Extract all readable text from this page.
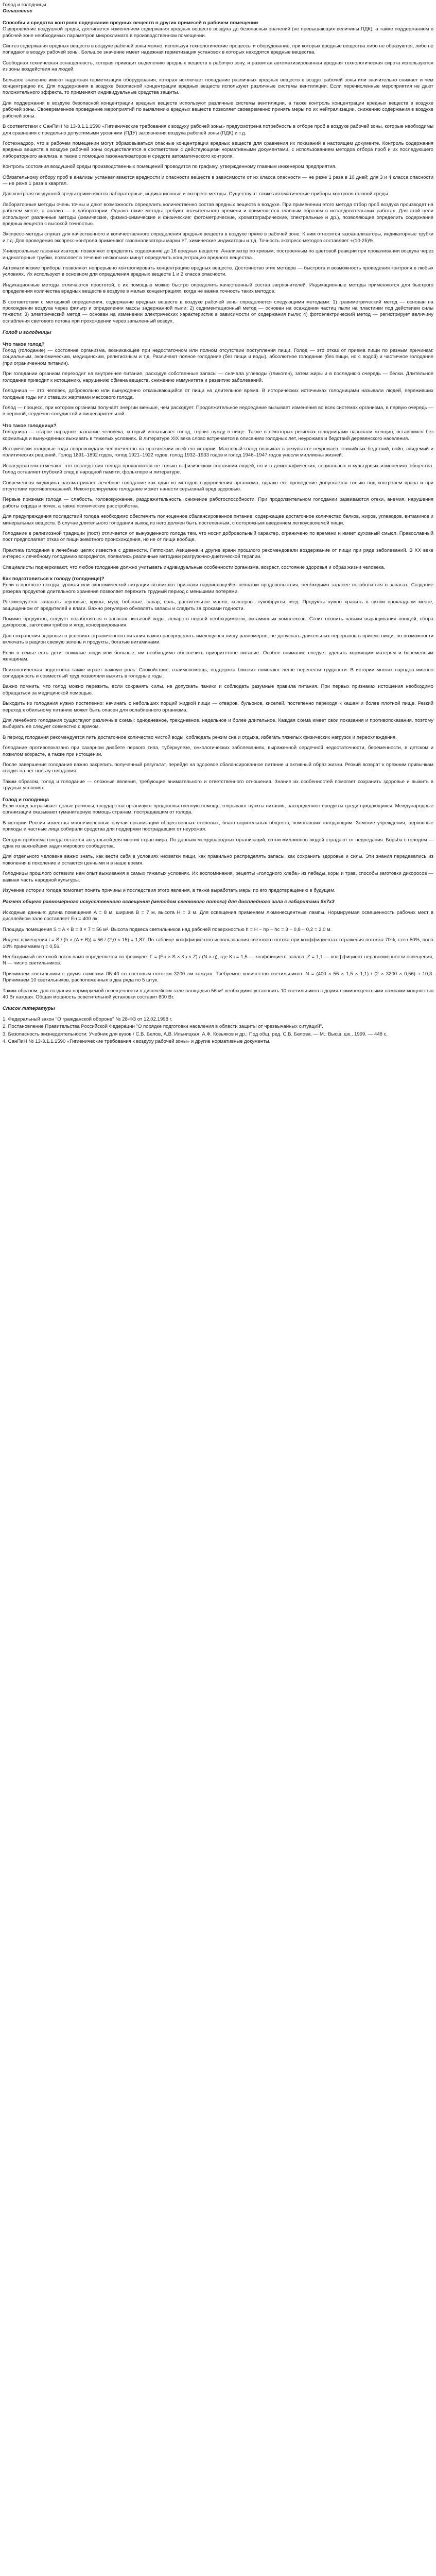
Голод и голодницы
Оглавление
Способы и средства контроля содержания вредных веществ в других примесей в рабочем помещении
Оздоровление воздушной среды, достигается изменением содержания вредных веществ воздуха до безопасных значений (не превышающих величины ПДК), а также поддержанием в рабочей зоне необходимых параметров микроклимата в производственном помещении.
Синтез содержания вредных веществ в воздухе рабочей зоны можно, используя технологические процессы и оборудование, при которых вредные вещества либо не образуются, либо не попадают в воздух рабочей зоны. Большое значение имеет надежная герметизация установок в которых находятся вредные вещества.
Свободная техническая оснащенность, которая приводит выделению вредных веществ в рабочую зону, и развитая автоматизированная вредная технологическая сирота используются из зоны воздействия на людей.
Большое значение имеют надежная герметизация оборудования, которая исключает попадание различных вредных веществ в воздух рабочей зоны или значительно снижает и чем концентрацию их. Для поддержания в воздухе безопасной концентрации вредных веществ используют различные системы вентиляции. Если перечисленные мероприятия не дают положительного эффекта, то применяют индивидуальные средства защиты.
Для поддержания в воздухе безопасной концентрации вредных веществ используют различные системы вентиляции, а также контроль концентрации вредных веществ в воздухе рабочей зоны. Своевременное проведение мероприятий по выявлению вредных веществ позволяет своевременно принять меры по их нейтрализации, снижению содержания в воздухе рабочей зоны.
В соответствии с СанПиН № 13-3.1.1.1590 «Гигиенические требования к воздуху рабочей зоны» предусмотрена потребность в отборе проб в воздухе рабочей зоны, которые необходимы для сравнения с предельно допустимыми уровнями (ПДУ) загрязнения воздуха рабочей зоны (ПДК) и т.д.
Гостехнадзор, что в рабочем помещении могут образовываться опасные концентрации вредных веществ для сравнения их показаний в настоящем документе. Контроль содержания вредных веществ в воздухе рабочей зоны осуществляется в соответствии с действующими нормативными документами, с использованием методов отбора проб и их последующего лабораторного анализа, а также с помощью газоанализаторов и средств автоматического контроля.
Контроль состояния воздушной среды производственных помещений проводится по графику, утвержденному главным инженером предприятия.
Обязательному отбору проб в анализы устанавливаются вредности и опасности веществ в зависимости от их класса опасности — не реже 1 раза в 10 дней; для 3 и 4 класса опасности — не реже 1 раза в квартал.
Для контроля воздушной среды применяются лабораторные, индикационные и экспресс-методы. Существуют также автоматические приборы контроля газовой среды.
Лабораторные методы очень точны и дают возможность определить количественно состав вредных веществ в воздухе. При применении этого метода отбор проб воздуха производят на рабочем месте, а анализ — в лаборатории. Однако такие методы требуют значительного времени и применяются главным образом в исследовательских работах. Для этой цели используют различные методы (химические, физико-химические и физические: фотометрические, хроматографические, спектральные и др.), позволяющие определить содержание вредных веществ с высокой точностью.
Экспресс-методы служат для качественного и количественного определения вредных веществ в воздухе прямо в рабочей зоне. К ним относятся газоанализаторы, индикаторные трубки и т.д. Для проведения экспресс-контроля применяют газоанализаторы марки УГ, химические индикаторы и т.д. Точность экспресс-методов составляет ±(10-25)%.
Универсальные газоанализаторы позволяют определять содержание до 16 вредных веществ. Анализатор по кривым, построенным по цветовой реакции при прокачивании воздуха через индикаторные трубки, позволяет в течение нескольких минут определить концентрацию вредного вещества.
Автоматические приборы позволяют непрерывно контролировать концентрацию вредных веществ. Достоинство этих методов — быстрота и возможность проведения контроля в любых условиях. Их используют в основном для определения вредных веществ 1 и 2 класса опасности.
Индикационные методы отличаются простотой, с их помощью можно быстро определить качественный состав загрязнителей. Индикационные методы применяются для быстрого определения количества вредных веществ в воздухе в малых концентрациях, когда не важна точность таких методов.
В соответствии с методикой определения, содержание вредных веществ в воздухе рабочей зоны определяется следующими методами: 1) гравиметрический метод — основан на прохождении воздуха через фильтр и определении массы задержанной пыли; 2) седиментационный метод — основан на осаждении частиц пыли на пластинки под действием силы тяжести; 3) электрический метод — основан на изменении электрических характеристик в зависимости от содержания пыли; 4) фотоэлектрический метод — регистрирует величину ослабления светового потока при прохождении через запыленный воздух.
Голод и голодницы
Что такое голод?
Голод (голодание) — состояние организма, возникающее при недостаточном или полном отсутствии поступления пищи. Голод — это отказ от приема пищи по разным причинам: социальным, экономическим, медицинским, религиозным и т.д. Различают полное голодание (без пищи и воды), абсолютное голодание (без пищи, но с водой) и частичное голодание (при ограниченном питании).
При голодании организм переходит на внутреннее питание, расходуя собственные запасы — сначала углеводы (гликоген), затем жиры и в последнюю очередь — белки. Длительное голодание приводит к истощению, нарушению обмена веществ, снижению иммунитета и развитию заболеваний.
Голодница — это человек, добровольно или вынужденно отказывающийся от пищи на длительное время. В исторических источниках голодницами называли людей, переживших голодные годы или ставших жертвами массового голода.
Голод — процесс, при котором организм получает энергии меньше, чем расходует. Продолжительное недоедание вызывает изменения во всех системах организма, в первую очередь — в нервной, сердечно-сосудистой и пищеварительной.
Что такое голодница?
Голодница — старое народное название человека, который испытывает голод, терпит нужду в пище. Также в некоторых регионах голодницами называли женщин, оставшихся без кормильца и вынужденных выживать в тяжелых условиях. В литературе XIX века слово встречается в описаниях голодных лет, неурожаев и бедствий деревенского населения.
Исторически голодные годы сопровождали человечество на протяжении всей его истории. Массовый голод возникал в результате неурожаев, стихийных бедствий, войн, эпидемий и политических решений. Голод 1891–1892 годов, голод 1921–1922 годов, голод 1932–1933 годов и голод 1946–1947 годов унесли миллионы жизней.
Исследователи отмечают, что последствия голода проявляются не только в физическом состоянии людей, но и в демографических, социальных и культурных изменениях общества. Голод оставляет глубокий след в народной памяти, фольклоре и литературе.
Современная медицина рассматривает лечебное голодание как один из методов оздоровления организма, однако его проведение допускается только под контролем врача и при отсутствии противопоказаний. Неконтролируемое голодание может нанести серьезный вред здоровью.
Первые признаки голода — слабость, головокружение, раздражительность, снижение работоспособности. При продолжительном голодании развиваются отеки, анемия, нарушения работы сердца и почек, а также психические расстройства.
Для предупреждения последствий голода необходимо обеспечить полноценное сбалансированное питание, содержащее достаточное количество белков, жиров, углеводов, витаминов и минеральных веществ. В случае длительного голодания выход из него должен быть постепенным, с осторожным введением легкоусвояемой пищи.
Голодание в религиозной традиции (пост) отличается от вынужденного голода тем, что носит добровольный характер, ограничено по времени и имеет духовный смысл. Православный пост предполагает отказ от пищи животного происхождения, но не от пищи вообще.
Практика голодания в лечебных целях известна с древности. Гиппократ, Авиценна и другие врачи прошлого рекомендовали воздержание от пищи при ряде заболеваний. В XX веке интерес к лечебному голоданию возродился, появились различные методики разгрузочно-диетической терапии.
Специалисты подчеркивают, что любое голодание должно учитывать индивидуальные особенности организма, возраст, состояние здоровья и образ жизни человека.
Как подготовиться к голоду (голоднице)?
Если в прогнозе погоды, урожая или экономической ситуации возникают признаки надвигающейся нехватки продовольствия, необходимо заранее позаботиться о запасах. Создание резерва продуктов длительного хранения позволяет пережить трудный период с меньшими потерями.
Рекомендуется запасать зерновые, крупы, муку, бобовые, сахар, соль, растительное масло, консервы, сухофрукты, мед. Продукты нужно хранить в сухом прохладном месте, защищенном от вредителей и влаги. Важно регулярно обновлять запасы и следить за сроками годности.
Помимо продуктов, следует позаботиться о запасах питьевой воды, лекарств первой необходимости, витаминных комплексов. Стоит освоить навыки выращивания овощей, сбора дикоросов, заготовки грибов и ягод, консервирования.
Для сохранения здоровья в условиях ограниченного питания важно распределять имеющуюся пищу равномерно, не допускать длительных перерывов в приеме пищи, по возможности включать в рацион свежую зелень и продукты, богатые витаминами.
Если в семье есть дети, пожилые люди или больные, им необходимо обеспечить приоритетное питание. Особое внимание следует уделять кормящим матерям и беременным женщинам.
Психологическая подготовка также играет важную роль. Спокойствие, взаимопомощь, поддержка близких помогают легче перенести трудности. В истории многих народов именно солидарность и совместный труд позволяли выжить в голодные годы.
Важно помнить, что голод можно пережить, если сохранять силы, не допускать паники и соблюдать разумные правила питания. При первых признаках истощения необходимо обращаться за медицинской помощью.
Выходить из голодания нужно постепенно: начинать с небольших порций жидкой пищи — отваров, бульонов, киселей, постепенно переходя к кашам и более плотной пище. Резкий переход к обильному питанию может быть опасен для ослабленного организма.
Для лечебного голодания существуют различные схемы: однодневное, трехдневное, недельное и более длительное. Каждая схема имеет свои показания и противопоказания, поэтому выбирать ее следует совместно с врачом.
В период голодания рекомендуется пить достаточное количество чистой воды, соблюдать режим сна и отдыха, избегать тяжелых физических нагрузок и переохлаждения.
Голодание противопоказано при сахарном диабете первого типа, туберкулезе, онкологических заболеваниях, выраженной сердечной недостаточности, беременности, в детском и пожилом возрасте, а также при истощении.
После завершения голодания важно закрепить полученный результат, перейдя на здоровое сбалансированное питание и активный образ жизни. Резкий возврат к прежним привычкам сводит на нет пользу голодания.
Таким образом, голод и голодание — сложные явления, требующие внимательного и ответственного отношения. Знание их особенностей помогает сохранить здоровье и выжить в трудных условиях.
Голод и голодница
Если голод затрагивает целые регионы, государства организуют продовольственную помощь, открывают пункты питания, распределяют продукты среди нуждающихся. Международные организации оказывают гуманитарную помощь странам, пострадавшим от голода.
В истории России известны многочисленные случаи организации общественных столовых, благотворительных обществ, помогавших голодающим. Земские учреждения, церковные приходы и частные лица собирали средства для поддержки пострадавших от неурожая.
Сегодня проблема голода остается актуальной для многих стран мира. По данным международных организаций, сотни миллионов людей страдают от недоедания. Борьба с голодом — одна из важнейших задач мирового сообщества.
Для отдельного человека важно знать, как вести себя в условиях нехватки пищи, как правильно распределять запасы, как сохранить здоровье и силы. Эти знания передавались из поколения в поколение и остаются ценными и в наше время.
Голодницы прошлого оставили нам опыт выживания в самых тяжелых условиях. Их воспоминания, рецепты «голодного хлеба» из лебеды, коры и трав, способы заготовки дикоросов — важная часть народной культуры.
Изучение истории голода помогает понять причины и последствия этого явления, а также выработать меры по его предотвращению в будущем.
Расчет общего равномерного искусственного освещения (методом светового потока) для дисплейного зала с габаритами 8х7х3
Исходные данные: длина помещения A = 8 м, ширина B = 7 м, высота H = 3 м. Для освещения применяем люминесцентные лампы. Нормируемая освещенность рабочих мест в дисплейном зале составляет Eн = 400 лк.
Площадь помещения S = A × B = 8 × 7 = 56 м². Высота подвеса светильников над рабочей поверхностью h = H − hр − hс = 3 − 0,8 − 0,2 = 2,0 м.
Индекс помещения i = S / (h × (A + B)) = 56 / (2,0 × 15) = 1,87. По таблице коэффициентов использования светового потока при коэффициентах отражения потолка 70%, стен 50%, пола 10% принимаем η = 0,56.
Необходимый световой поток ламп определяется по формуле: F = (Eн × S × Kз × Z) / (N × η), где Kз = 1,5 — коэффициент запаса, Z = 1,1 — коэффициент неравномерности освещения, N — число светильников.
Принимаем светильники с двумя лампами ЛБ-40 со световым потоком 3200 лм каждая. Требуемое количество светильников: N = (400 × 56 × 1,5 × 1,1) / (2 × 3200 × 0,56) ≈ 10,3. Принимаем 10 светильников, расположенных в два ряда по 5 штук.
Таким образом, для создания нормируемой освещенности в дисплейном зале площадью 56 м² необходимо установить 10 светильников с двумя люминесцентными лампами мощностью 40 Вт каждая. Общая мощность осветительной установки составит 800 Вт.
Список литературы
1. Федеральный закон "О гражданской обороне" № 28-ФЗ от 12.02.1998 г.
2. Постановление Правительства Российской Федерации "О порядке подготовки населения в области защиты от чрезвычайных ситуаций".
3. Безопасность жизнедеятельности: Учебник для вузов / С.В. Белов, А.В. Ильницкая, А.Ф. Козьяков и др.; Под общ. ред. С.В. Белова. — М.: Высш. шк., 1999. — 448 с.
4. СанПиН № 13-3.1.1.1590 «Гигиенические требования к воздуху рабочей зоны» и другие нормативные документы.
